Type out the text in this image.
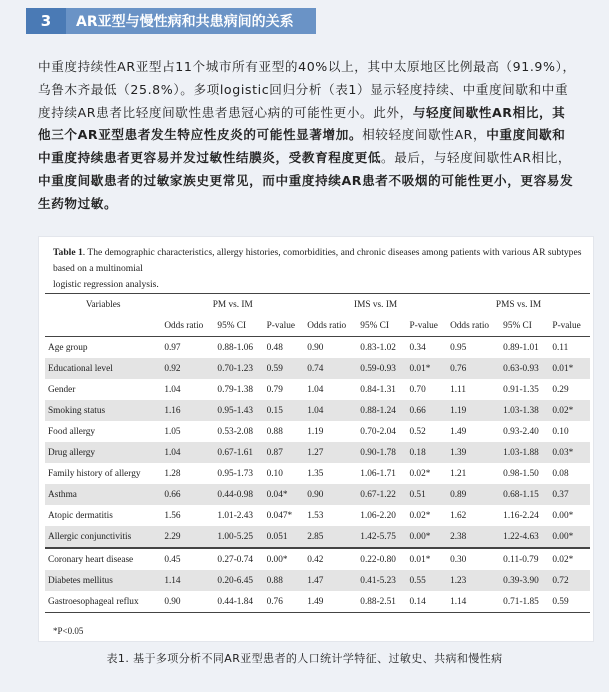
3	AR亚型与慢性病和共患病间的关系

中重度持续性AR亚型占11个城市所有亚型的40%以上，其中太原地区比例最高（91.9%），乌鲁木齐最低（25.8%）。多项logistic回归分析（表1）显示轻度持续、中重度间歇和中重度持续AR患者比轻度间歇性患者患冠心病的可能性更小。此外，与轻度间歇性AR相比，其他三个AR亚型患者发生特应性皮炎的可能性显著增加。相较轻度间歇性AR，中重度间歇和中重度持续患者更容易并发过敏性结膜炎，受教育程度更低。最后，与轻度间歇性AR相比，中重度间歇患者的过敏家族史更常见，而中重度持续AR患者不吸烟的可能性更小，更容易发生药物过敏。

Table 1. The demographic characteristics, allergy histories, comorbidities, and chronic diseases among patients with various AR subtypes based on a multinomial
logistic regression analysis.
Variables	PM vs. IM			IMS vs. IM			PMS vs. IM		
	Odds ratio	95% CI	P-value	Odds ratio	95% CI	P-value	Odds ratio	95% CI	P-value
Age group	0.97	0.88-1.06	0.48	0.90	0.83-1.02	0.34	0.95	0.89-1.01	0.11
Educational level	0.92	0.70-1.23	0.59	0.74	0.59-0.93	0.01*	0.76	0.63-0.93	0.01*
Gender	1.04	0.79-1.38	0.79	1.04	0.84-1.31	0.70	1.11	0.91-1.35	0.29
Smoking status	1.16	0.95-1.43	0.15	1.04	0.88-1.24	0.66	1.19	1.03-1.38	0.02*
Food allergy	1.05	0.53-2.08	0.88	1.19	0.70-2.04	0.52	1.49	0.93-2.40	0.10
Drug allergy	1.04	0.67-1.61	0.87	1.27	0.90-1.78	0.18	1.39	1.03-1.88	0.03*
Family history of allergy	1.28	0.95-1.73	0.10	1.35	1.06-1.71	0.02*	1.21	0.98-1.50	0.08
Asthma	0.66	0.44-0.98	0.04*	0.90	0.67-1.22	0.51	0.89	0.68-1.15	0.37
Atopic dermatitis	1.56	1.01-2.43	0.047*	1.53	1.06-2.20	0.02*	1.62	1.16-2.24	0.00*
Allergic conjunctivitis	2.29	1.00-5.25	0.051	2.85	1.42-5.75	0.00*	2.38	1.22-4.63	0.00*
Coronary heart disease	0.45	0.27-0.74	0.00*	0.42	0.22-0.80	0.01*	0.30	0.11-0.79	0.02*
Diabetes mellitus	1.14	0.20-6.45	0.88	1.47	0.41-5.23	0.55	1.23	0.39-3.90	0.72
Gastroesophageal reflux	0.90	0.44-1.84	0.76	1.49	0.88-2.51	0.14	1.14	0.71-1.85	0.59
*P<0.05
表1. 基于多项分析不同AR亚型患者的人口统计学特征、过敏史、共病和慢性病
